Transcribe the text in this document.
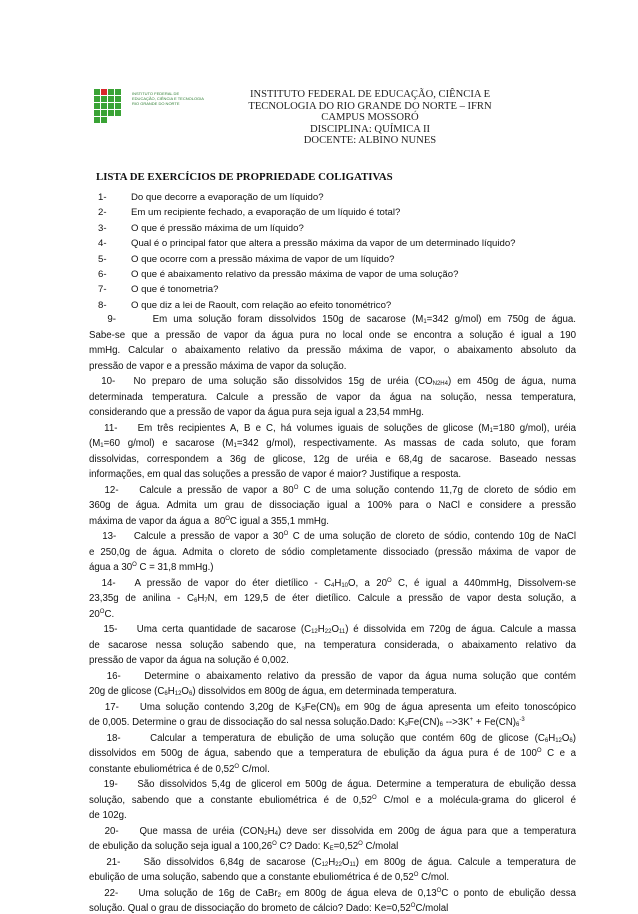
INSTITUTO FEDERAL DE
EDUCAÇÃO, CIÊNCIA E TECNOLOGIA
RIO GRANDE DO NORTE
INSTITUTO FEDERAL DE EDUCAÇÃO, CIÊNCIA E
TECNOLOGIA DO RIO GRANDE DO NORTE – IFRN
CAMPUS MOSSORÓ
DISCIPLINA: QUÍMICA II
DOCENTE: ALBINO NUNES
LISTA DE EXERCÍCIOS DE PROPRIEDADE COLIGATIVAS
1-	Do que decorre a evaporação de um líquido?
2-	Em um recipiente fechado, a evaporação de um líquido é total?
3-	O que é pressão máxima de um líquido?
4-	Qual é o principal fator que altera a pressão máxima da vapor de um determinado líquido?
5-	O que ocorre com a pressão máxima de vapor de um líquido?
6-	O que é abaixamento relativo da pressão máxima de vapor de uma solução?
7-	O que é tonometria?
8-	O que diz a lei de Raoult, com relação ao efeito tonométrico?
9-      Em uma solução foram dissolvidos 150g de sacarose ($M_1=342$ g/mol) em 750g de água.
Sabe-se que a pressão de vapor da água pura no local onde se encontra a solução é igual a 190
mmHg. Calcular o abaixamento relativo da pressão máxima de vapor, o abaixamento absoluto da
pressão de vapor e a pressão máxima de vapor da solução.
10-   No preparo de uma solução são dissolvidos 15g de uréia $(CO_{N2H4})$ em 450g de água, numa
determinada temperatura. Calcule a pressão de vapor da água na solução, nessa temperatura,
considerando que a pressão de vapor da água pura seja igual a 23,54 mmHg.
11-    Em três recipientes A, B e C, há volumes iguais de soluções de glicose ($M_1=180$ g/mol), uréia
($M_1=60$ g/mol) e sacarose ($M_1=342$ g/mol), respectivamente. As massas de cada soluto, que foram
dissolvidas, correspondem a 36g de glicose, 12g de uréia e 68,4g de sacarose. Baseado nessas
informações, em qual das soluções a pressão de vapor é maior? Justifique a resposta.
12-    Calcule a pressão de vapor a $80^O$ C de uma solução contendo 11,7g de cloreto de sódio em
360g de água. Admita um grau de dissociação igual a 100% para o NaCl e considere a pressão
máxima de vapor da água a  $80^OC$ igual a 355,1 mmHg.
13-    Calcule a pressão de vapor a $30^O$ C de uma solução de cloreto de sódio, contendo 10g de NaCl
e 250,0g de água. Admita o cloreto de sódio completamente dissociado (pressão máxima de vapor de
água a $30^O$ C = 31,8 mmHg.)
14-   A pressão de vapor do éter dietílico - $C_4H_{10}O$, a $20^O$ C, é igual a 440mmHg, Dissolvem-se
23,35g de anilina - $C_6H_7N$, em 129,5 de éter dietílico. Calcule a pressão de vapor desta solução, a
$20^OC$.
15-    Uma certa quantidade de sacarose $(C_{12}H_{22}O_{11})$ é dissolvida em 720g de água. Calcule a massa
de sacarose nessa solução sabendo que, na temperatura considerada, o abaixamento relativo da
pressão de vapor da água na solução é 0,002.
16-    Determine o abaixamento relativo da pressão de vapor da água numa solução que contém
20g de glicose $(C_6H_{12}O_6)$ dissolvidos em 800g de água, em determinada temperatura.
17-    Uma solução contendo 3,20g de $K_3Fe(CN)_6$ em 90g de água apresenta um efeito tonoscópico
de 0,005. Determine o grau de dissociação do sal nessa solução.Dado: $K_3Fe(CN)_6$ $-->3K^+ + Fe(CN)_6^{-3}$
18-     Calcular a temperatura de ebulição de uma solução que contém 60g de glicose $(C_6H_{12}O_6)$
dissolvidos em 500g de água, sabendo que a temperatura de ebulição da água pura é de $100^O$ C e a
constante ebuliométrica é de $0,52^O$ C/mol.
19-    São dissolvidos 5,4g de glicerol em 500g de água. Determine a temperatura de ebulição dessa
solução, sabendo que a constante ebuliométrica é de $0,52^O$ C/mol e a molécula-grama do glicerol é
de 102g.
20-    Que massa de uréia $(CON_2H_4)$ deve ser dissolvida em 200g de água para que a temperatura
de ebulição da solução seja igual a $100,26^O$ C? Dado: $K_E=0,52^O$ C/molal
21-    São dissolvidos 6,84g de sacarose $(C_{12}H_{22}O_{11})$ em 800g de água. Calcule a temperatura de
ebulição de uma solução, sabendo que a constante ebuliométrica é de $0,52^O$ C/mol.
22-    Uma solução de 16g de CaBr$_2$ em 800g de água eleva de $0,13^OC$ o ponto de ebulição dessa
solução. Qual o grau de dissociação do brometo de cálcio? Dado: $Ke=0,52^OC$/molal
